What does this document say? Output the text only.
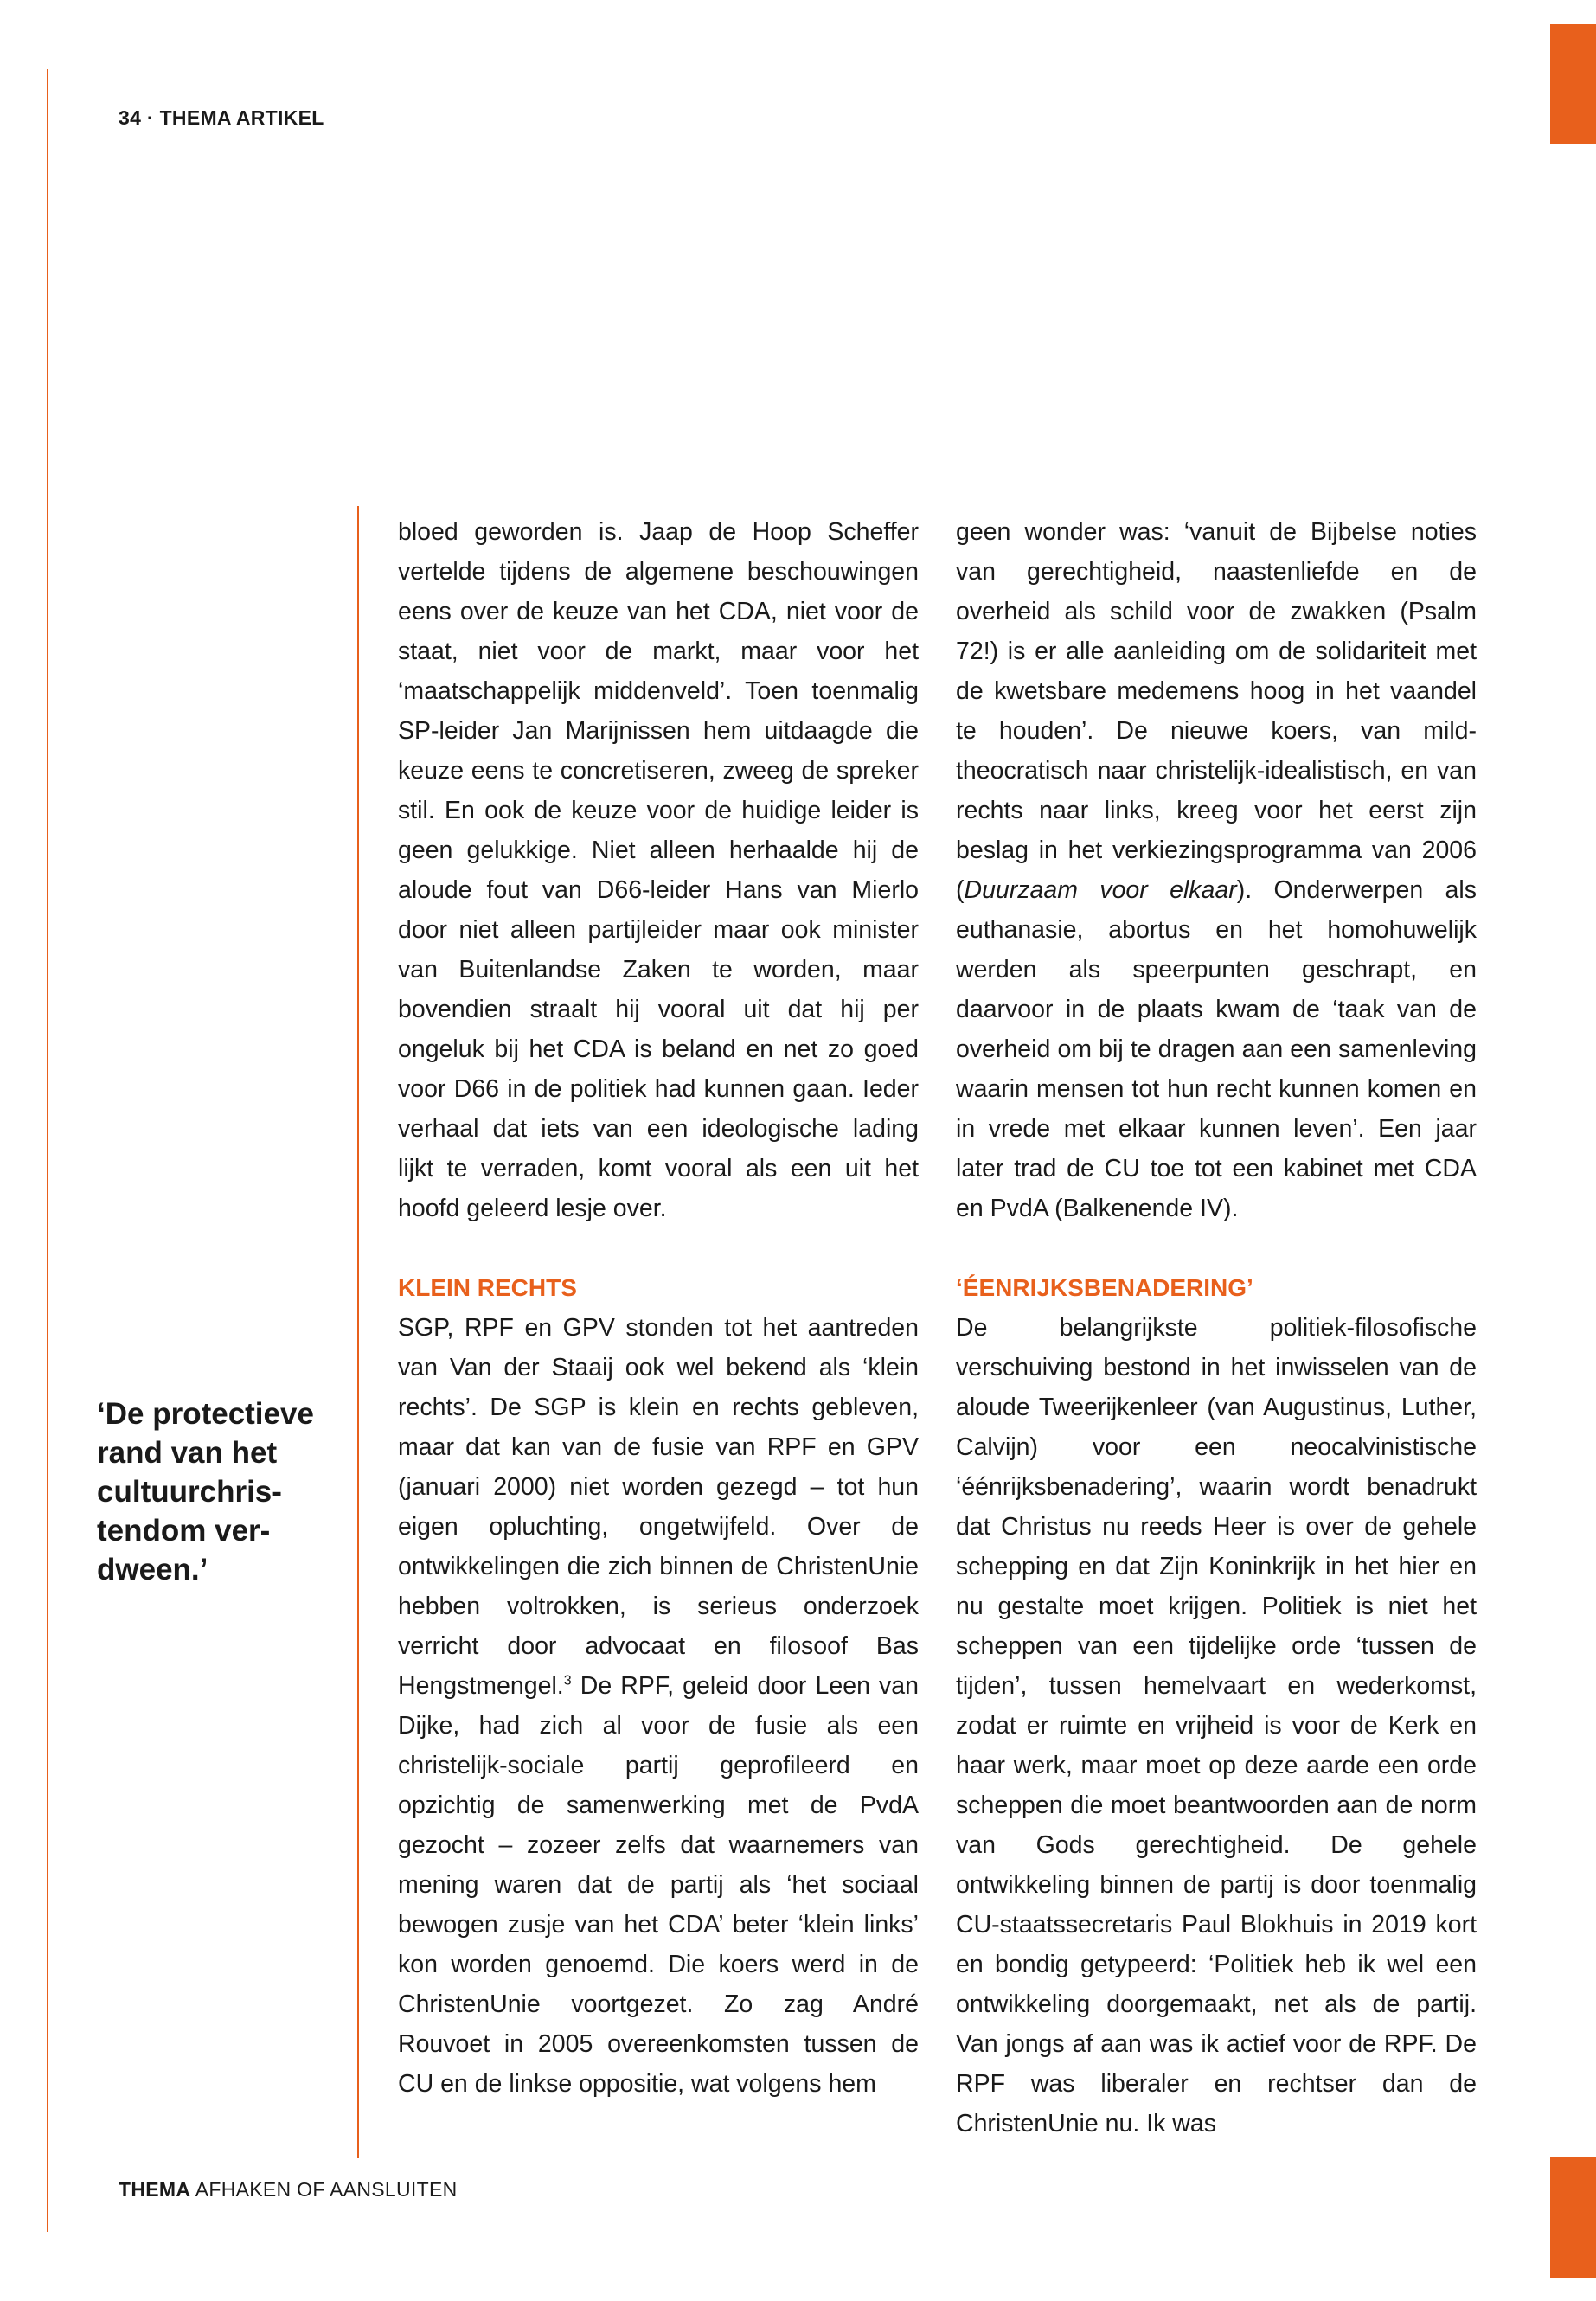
34 · THEMA ARTIKEL
‘De protectieve rand van het cultuurchris-tendom ver-dween.’

bloed geworden is. Jaap de Hoop Scheffer vertelde tijdens de algemene beschouwingen eens over de keuze van het CDA, niet voor de staat, niet voor de markt, maar voor het ‘maatschappelijk middenveld’. Toen toenmalig SP-leider Jan Marijnissen hem uitdaagde die keuze eens te concretiseren, zweeg de spreker stil. En ook de keuze voor de huidige leider is geen gelukkige. Niet alleen herhaalde hij de aloude fout van D66-leider Hans van Mierlo door niet alleen partijleider maar ook minister van Buitenlandse Zaken te worden, maar bovendien straalt hij vooral uit dat hij per ongeluk bij het CDA is beland en net zo goed voor D66 in de politiek had kunnen gaan. Ieder verhaal dat iets van een ideologische lading lijkt te verraden, komt vooral als een uit het hoofd geleerd lesje over.

KLEIN RECHTS

SGP, RPF en GPV stonden tot het aantreden van Van der Staaij ook wel bekend als ‘klein rechts’. De SGP is klein en rechts gebleven, maar dat kan van de fusie van RPF en GPV (januari 2000) niet worden gezegd – tot hun eigen opluchting, ongetwijfeld. Over de ontwikkelingen die zich binnen de ChristenUnie hebben voltrokken, is serieus onderzoek verricht door advocaat en filosoof Bas Hengstmengel.$^3$ De RPF, geleid door Leen van Dijke, had zich al voor de fusie als een christelijk-sociale partij geprofileerd en opzichtig de samenwerking met de PvdA gezocht – zozeer zelfs dat waarnemers van mening waren dat de partij als ‘het sociaal bewogen zusje van het CDA’ beter ‘klein links’ kon worden genoemd. Die koers werd in de ChristenUnie voortgezet. Zo zag André Rouvoet in 2005 overeenkomsten tussen de CU en de linkse oppositie, wat volgens hem

geen wonder was: ‘vanuit de Bijbelse noties van gerechtigheid, naastenliefde en de overheid als schild voor de zwakken (Psalm 72!) is er alle aanleiding om de solidariteit met de kwetsbare medemens hoog in het vaandel te houden’. De nieuwe koers, van mild-theocratisch naar christelijk-idealistisch, en van rechts naar links, kreeg voor het eerst zijn beslag in het verkiezingsprogramma van 2006 (Duurzaam voor elkaar). Onderwerpen als euthanasie, abortus en het homohuwelijk werden als speerpunten geschrapt, en daarvoor in de plaats kwam de ‘taak van de overheid om bij te dragen aan een samenleving waarin mensen tot hun recht kunnen komen en in vrede met elkaar kunnen leven’. Een jaar later trad de CU toe tot een kabinet met CDA en PvdA (Balkenende IV).

‘ÉENRIJKSBENADERING’

De belangrijkste politiek-filosofische verschuiving bestond in het inwisselen van de aloude Tweerijkenleer (van Augustinus, Luther, Calvijn) voor een neocalvinistische ‘éénrijksbenadering’, waarin wordt benadrukt dat Christus nu reeds Heer is over de gehele schepping en dat Zijn Koninkrijk in het hier en nu gestalte moet krijgen. Politiek is niet het scheppen van een tijdelijke orde ‘tussen de tijden’, tussen hemelvaart en wederkomst, zodat er ruimte en vrijheid is voor de Kerk en haar werk, maar moet op deze aarde een orde scheppen die moet beantwoorden aan de norm van Gods gerechtigheid. De gehele ontwikkeling binnen de partij is door toenmalig CU-staatssecretaris Paul Blokhuis in 2019 kort en bondig getypeerd: ‘Politiek heb ik wel een ontwikkeling doorgemaakt, net als de partij. Van jongs af aan was ik actief voor de RPF. De RPF was liberaler en rechtser dan de ChristenUnie nu. Ik was

THEMA AFHAKEN OF AANSLUITEN
